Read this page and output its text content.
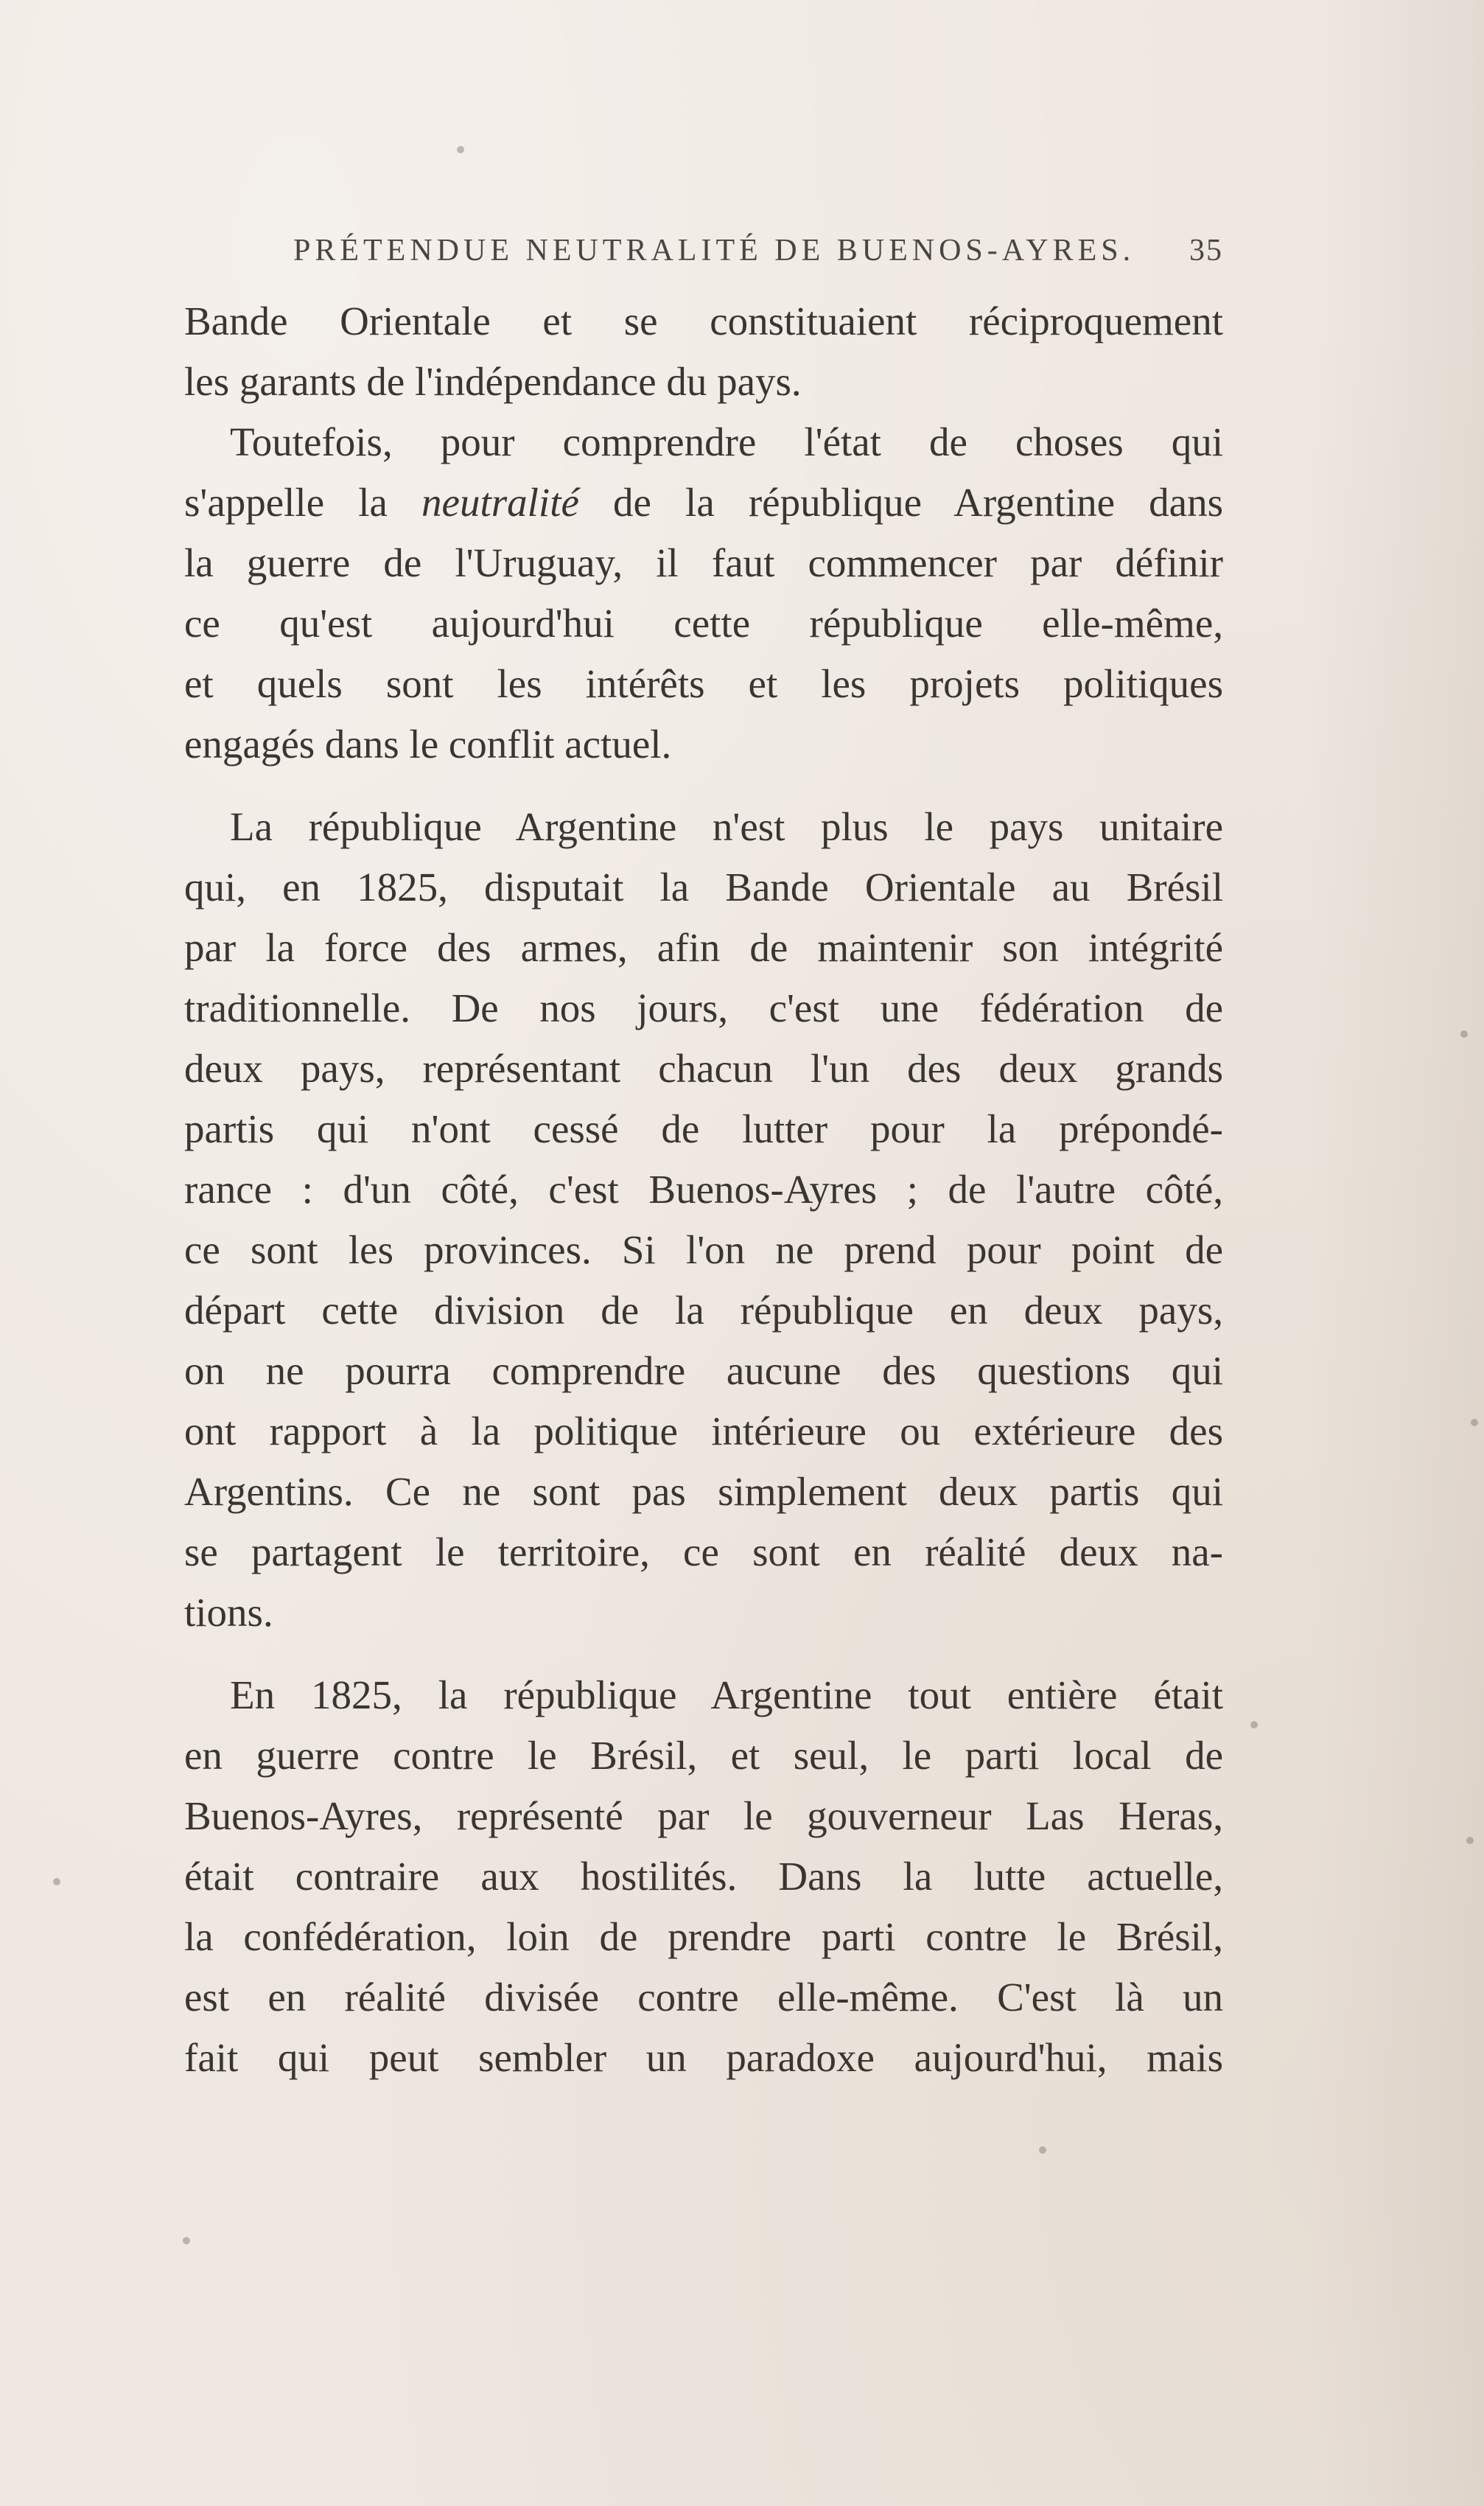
PRÉTENDUE NEUTRALITÉ DE BUENOS-AYRES. 35
Bande Orientale et se constituaient réciproquement
les garants de l'indépendance du pays.
Toutefois, pour comprendre l'état de choses qui
s'appelle la neutralité de la république Argentine dans
la guerre de l'Uruguay, il faut commencer par définir
ce qu'est aujourd'hui cette république elle-même,
et quels sont les intérêts et les projets politiques
engagés dans le conflit actuel.
La république Argentine n'est plus le pays unitaire
qui, en 1825, disputait la Bande Orientale au Brésil
par la force des armes, afin de maintenir son intégrité
traditionnelle. De nos jours, c'est une fédération de
deux pays, représentant chacun l'un des deux grands
partis qui n'ont cessé de lutter pour la prépondé-
rance : d'un côté, c'est Buenos-Ayres ; de l'autre côté,
ce sont les provinces. Si l'on ne prend pour point de
départ cette division de la république en deux pays,
on ne pourra comprendre aucune des questions qui
ont rapport à la politique intérieure ou extérieure des
Argentins. Ce ne sont pas simplement deux partis qui
se partagent le territoire, ce sont en réalité deux na-
tions.
En 1825, la république Argentine tout entière était
en guerre contre le Brésil, et seul, le parti local de
Buenos-Ayres, représenté par le gouverneur Las Heras,
était contraire aux hostilités. Dans la lutte actuelle,
la confédération, loin de prendre parti contre le Brésil,
est en réalité divisée contre elle-même. C'est là un
fait qui peut sembler un paradoxe aujourd'hui, mais
